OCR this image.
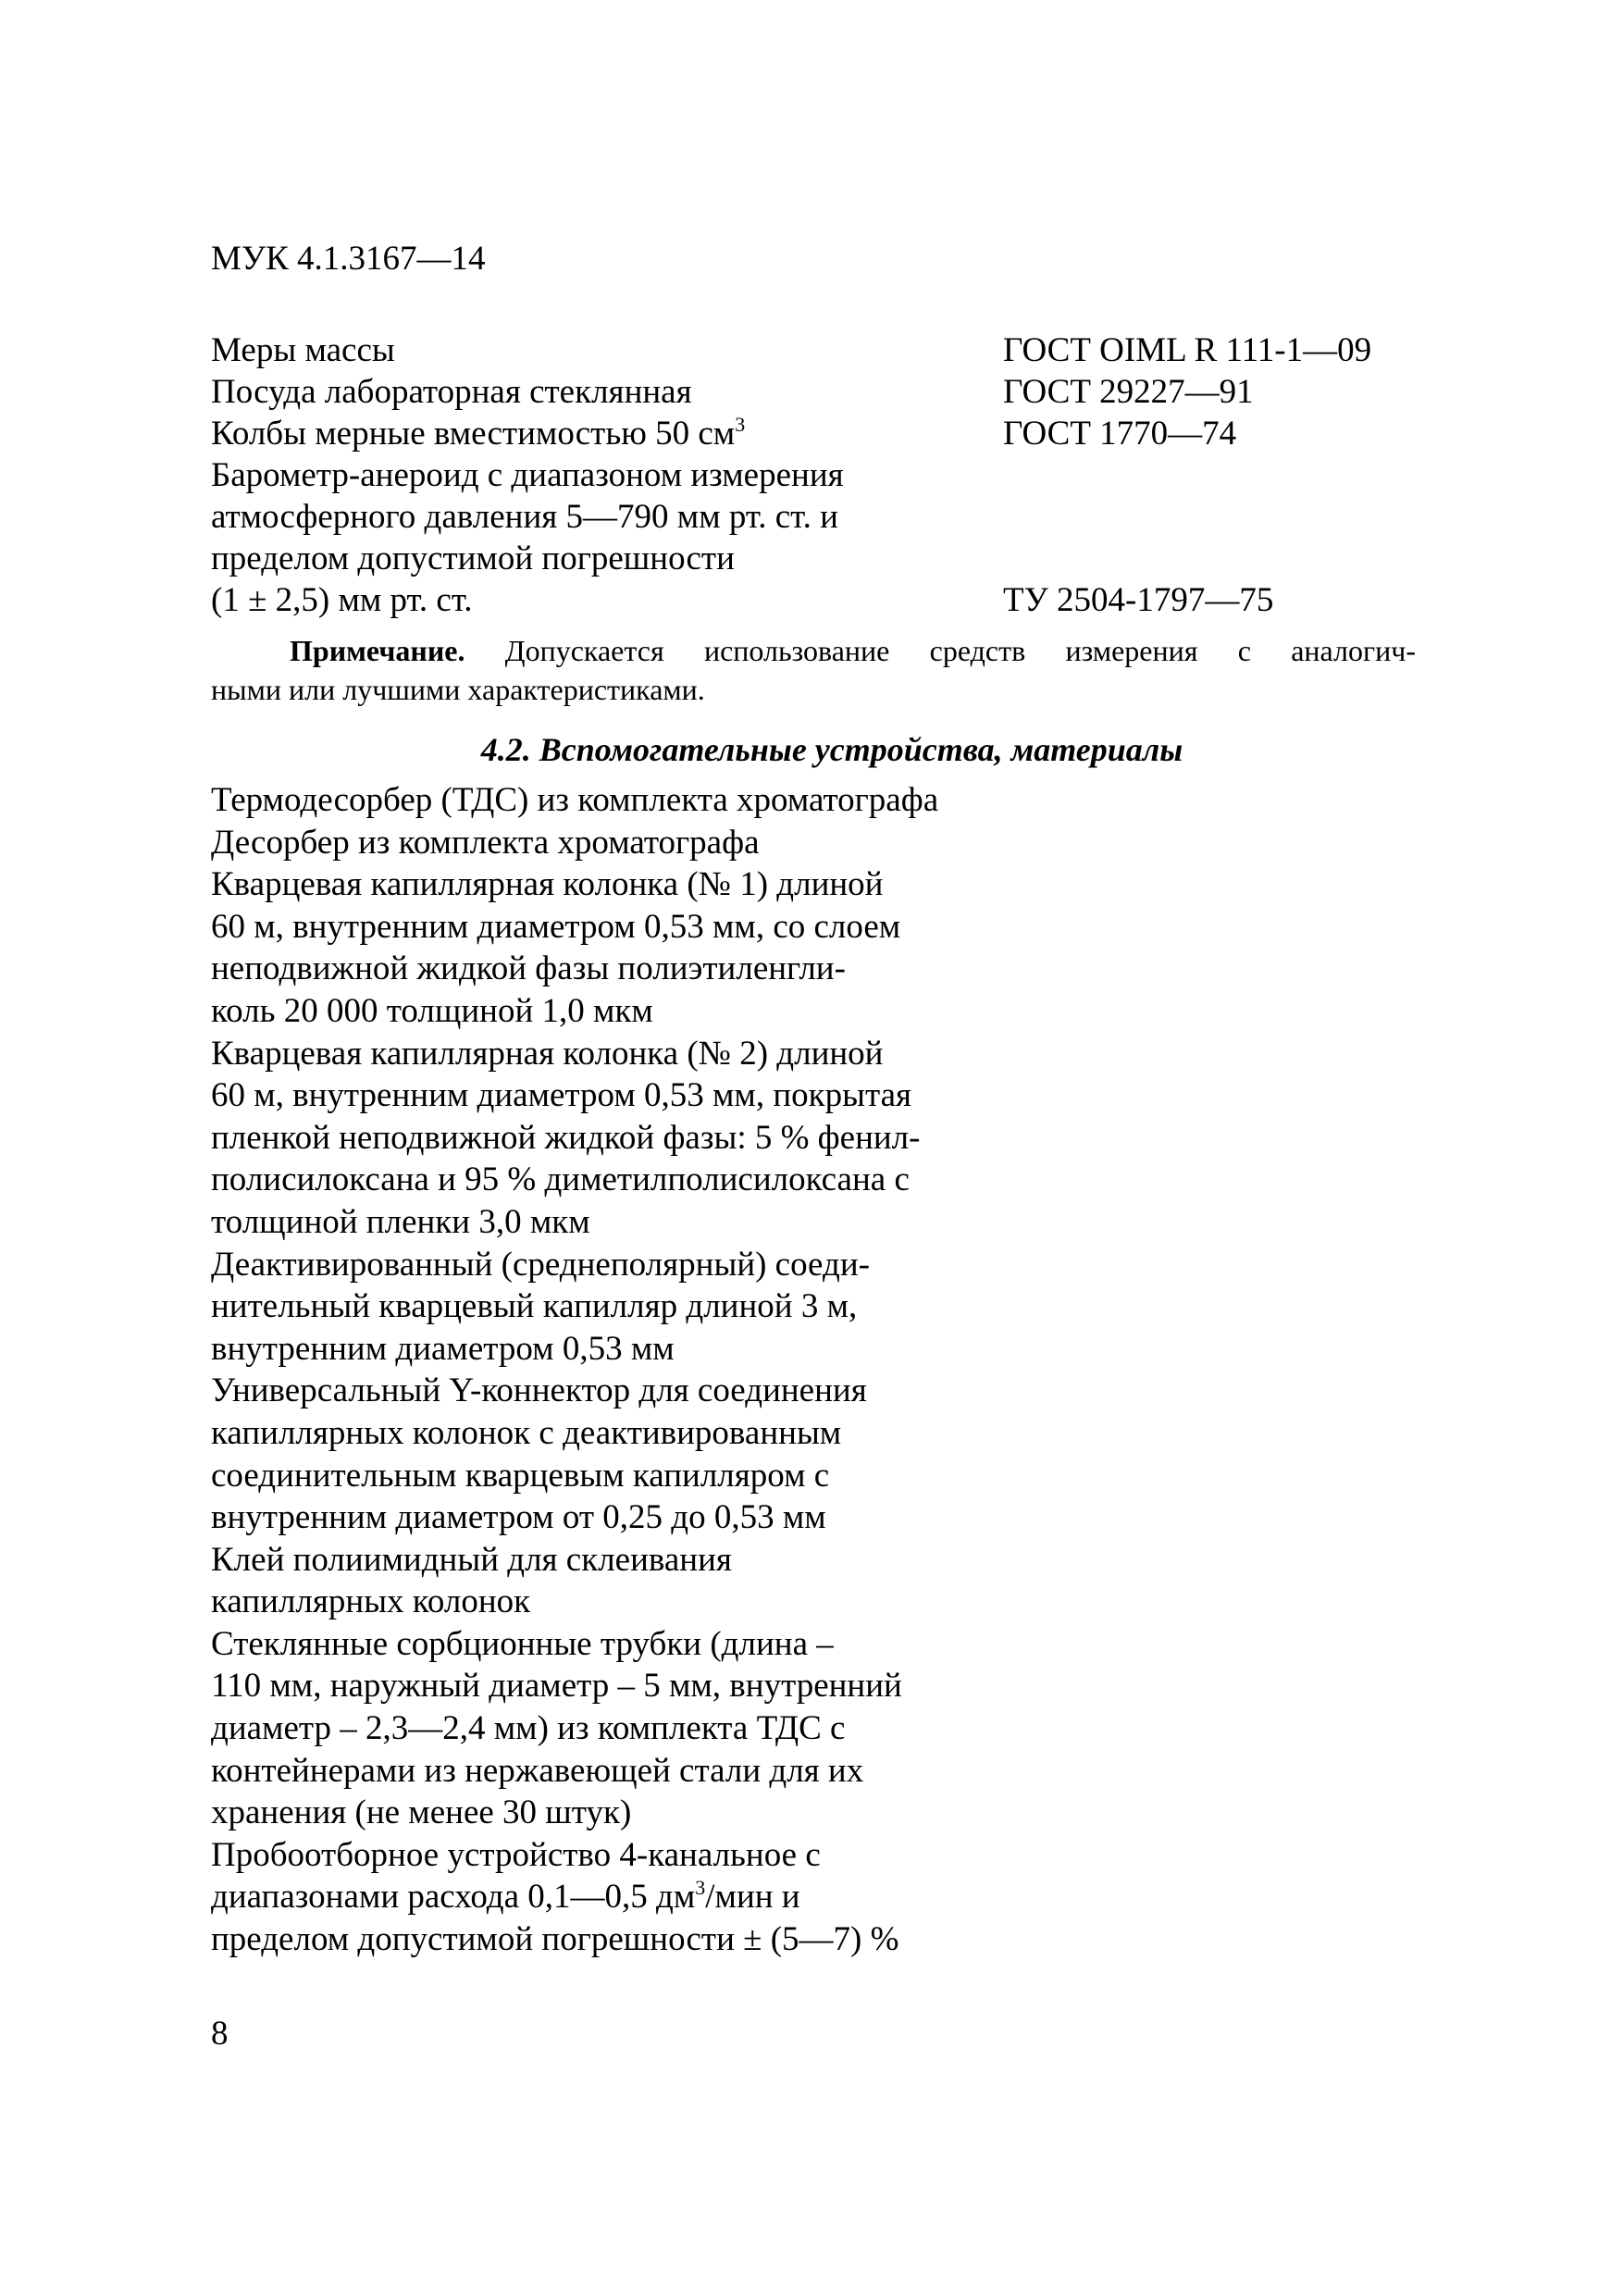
МУК 4.1.3167—14
Меры массы	ГОСТ OIML R 111-1—09
Посуда лабораторная стеклянная	ГОСТ 29227—91
Колбы мерные вместимостью 50 $см^3$	ГОСТ 1770—74
Барометр-анероид с диапазоном измерения
атмосферного давления 5—790 мм рт. ст. и
пределом допустимой погрешности
(1 ± 2,5) мм рт. ст.	ТУ 2504-1797—75
Примечание. Допускается использование средств измерения с аналогич-
ными или лучшими характеристиками.
4.2. Вспомогательные устройства, материалы
Термодесорбер (ТДС) из комплекта хроматографа
Десорбер из комплекта хроматографа
Кварцевая капиллярная колонка (№ 1) длиной
60 м, внутренним диаметром 0,53 мм, со слоем
неподвижной жидкой фазы полиэтиленгли-
коль 20 000 толщиной 1,0 мкм
Кварцевая капиллярная колонка (№ 2) длиной
60 м, внутренним диаметром 0,53 мм, покрытая
пленкой неподвижной жидкой фазы: 5 % фенил-
полисилоксана и 95 % диметилполисилоксана с
толщиной пленки 3,0 мкм
Деактивированный (среднеполярный) соеди-
нительный кварцевый капилляр длиной 3 м,
внутренним диаметром 0,53 мм
Универсальный Y-коннектор для соединения
капиллярных колонок с деактивированным
соединительным кварцевым капилляром с
внутренним диаметром от 0,25 до 0,53 мм
Клей полиимидный для склеивания
капиллярных колонок
Стеклянные сорбционные трубки (длина –
110 мм, наружный диаметр – 5 мм, внутренний
диаметр – 2,3—2,4 мм) из комплекта ТДС с
контейнерами из нержавеющей стали для их
хранения (не менее 30 штук)
Пробоотборное устройство 4-канальное с
диапазонами расхода 0,1—0,5 $дм^3$/мин и
пределом допустимой погрешности ± (5—7) %
8
